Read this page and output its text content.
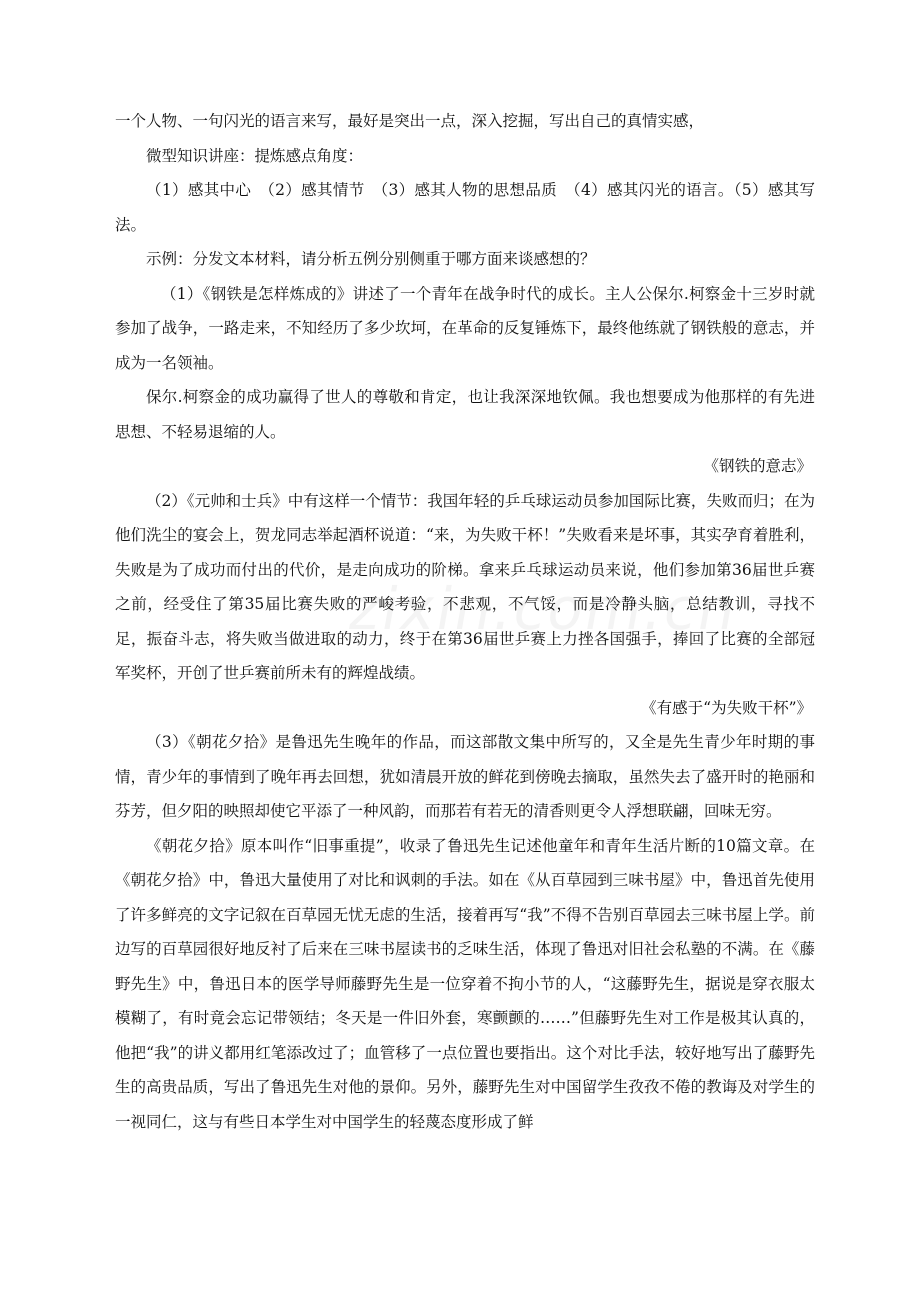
一个人物、一句闪光的语言来写，最好是突出一点，深入挖掘，写出自己的真情实感，

微型知识讲座：提炼感点角度：

（1）感其中心　（2）感其情节　（3）感其人物的思想品质　（4）感其闪光的语言。（5）感其写法。

示例：分发文本材料，请分析五例分别侧重于哪方面来谈感想的？

（1）《钢铁是怎样炼成的》讲述了一个青年在战争时代的成长。主人公保尔.柯察金十三岁时就参加了战争，一路走来，不知经历了多少坎坷，在革命的反复锤炼下，最终他练就了钢铁般的意志，并成为一名领袖。

保尔.柯察金的成功赢得了世人的尊敬和肯定，也让我深深地钦佩。我也想要成为他那样的有先进思想、不轻易退缩的人。

《钢铁的意志》

（2）《元帅和士兵》中有这样一个情节：我国年轻的乒乓球运动员参加国际比赛，失败而归；在为他们洗尘的宴会上，贺龙同志举起酒杯说道：“来，为失败干杯！”失败看来是坏事，其实孕育着胜利，失败是为了成功而付出的代价，是走向成功的阶梯。拿来乒乓球运动员来说，他们参加第36届世乒赛之前，经受住了第35届比赛失败的严峻考验，不悲观，不气馁，而是冷静头脑，总结教训，寻找不足，振奋斗志，将失败当做进取的动力，终于在第36届世乒赛上力挫各国强手，捧回了比赛的全部冠军奖杯，开创了世乒赛前所未有的辉煌战绩。

《有感于“为失败干杯”》

（3）《朝花夕拾》是鲁迅先生晚年的作品，而这部散文集中所写的，又全是先生青少年时期的事情，青少年的事情到了晚年再去回想，犹如清晨开放的鲜花到傍晚去摘取，虽然失去了盛开时的艳丽和芬芳，但夕阳的映照却使它平添了一种风韵，而那若有若无的清香则更令人浮想联翩，回味无穷。

《朝花夕拾》原本叫作“旧事重提”，收录了鲁迅先生记述他童年和青年生活片断的10篇文章。在《朝花夕拾》中，鲁迅大量使用了对比和讽刺的手法。如在《从百草园到三味书屋》中，鲁迅首先使用了许多鲜亮的文字记叙在百草园无忧无虑的生活，接着再写“我”不得不告别百草园去三味书屋上学。前边写的百草园很好地反衬了后来在三味书屋读书的乏味生活，体现了鲁迅对旧社会私塾的不满。在《藤野先生》中，鲁迅日本的医学导师藤野先生是一位穿着不拘小节的人，“这藤野先生，据说是穿衣服太模糊了，有时竟会忘记带领结；冬天是一件旧外套，寒颤颤的……”但藤野先生对工作是极其认真的，他把“我”的讲义都用红笔添改过了；血管移了一点位置也要指出。这个对比手法，较好地写出了藤野先生的高贵品质，写出了鲁迅先生对他的景仰。另外，藤野先生对中国留学生孜孜不倦的教诲及对学生的一视同仁，这与有些日本学生对中国学生的轻蔑态度形成了鲜
